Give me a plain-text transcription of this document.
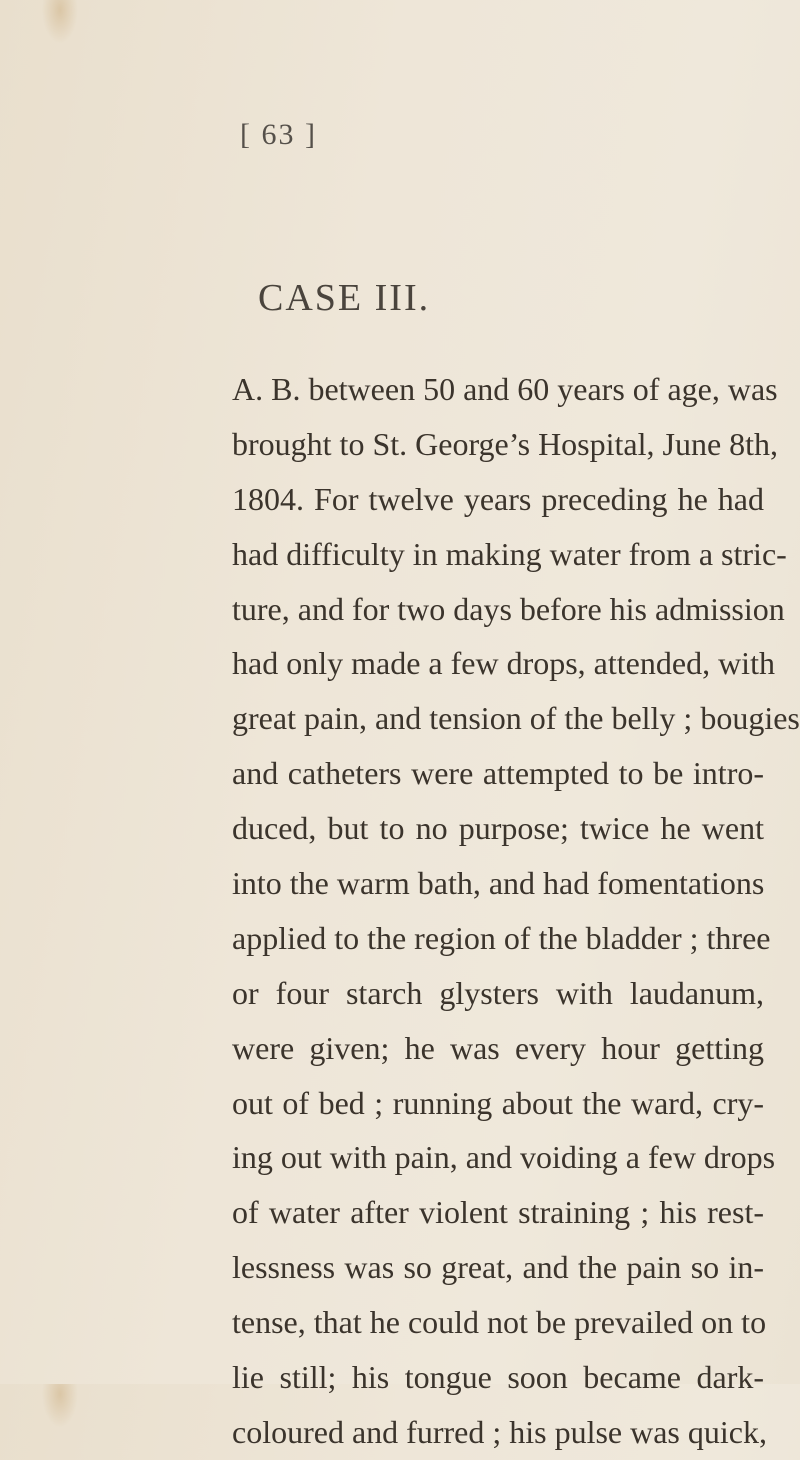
[ 63 ]
CASE III.
A. B. between 50 and 60 years of age, was
brought to St. George’s Hospital, June 8th,
1804. For twelve years preceding he had
had difficulty in making water from a stric-
ture, and for two days before his admission
had only made a few drops, attended, with
great pain, and tension of the belly ; bougies
and catheters were attempted to be intro-
duced, but to no purpose; twice he went
into the warm bath, and had fomentations
applied to the region of the bladder ; three
or four starch glysters with laudanum,
were given; he was every hour getting
out of bed ; running about the ward, cry-
ing out with pain, and voiding a few drops
of water after violent straining ; his rest-
lessness was so great, and the pain so in-
tense, that he could not be prevailed on to
lie still; his tongue soon became dark-
coloured and furred ; his pulse was quick,
